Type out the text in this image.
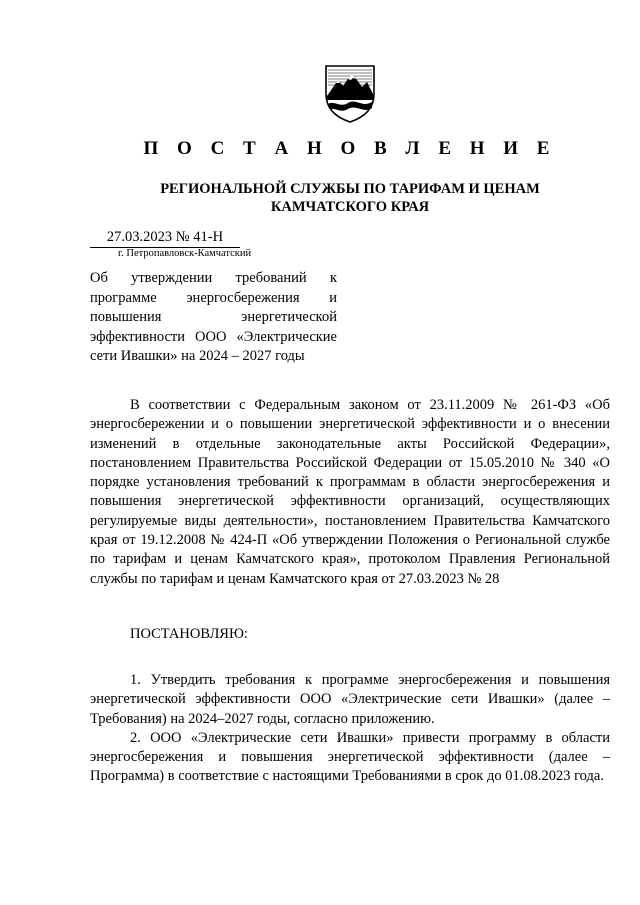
П О С Т А Н О В Л Е Н И Е
РЕГИОНАЛЬНОЙ СЛУЖБЫ ПО ТАРИФАМ И ЦЕНАМ
КАМЧАТСКОГО КРАЯ
27.03.2023 № 41-Н
г. Петропавловск-Камчатский
Об утверждении требований к программе энергосбережения и повышения энергетической эффективности ООО «Электрические сети Ивашки» на 2024 – 2027 годы

В соответствии с Федеральным законом от 23.11.2009 № 261-ФЗ «Об энергосбережении и о повышении энергетической эффективности и о внесении изменений в отдельные законодательные акты Российской Федерации», постановлением Правительства Российской Федерации от 15.05.2010 № 340 «О порядке установления требований к программам в области энергосбережения и повышения энергетической эффективности организаций, осуществляющих регулируемые виды деятельности», постановлением Правительства Камчатского края от 19.12.2008 № 424-П «Об утверждении Положения о Региональной службе по тарифам и ценам Камчатского края», протоколом Правления Региональной службы по тарифам и ценам Камчатского края от 27.03.2023 № 28

ПОСТАНОВЛЯЮ:

1. Утвердить требования к программе энергосбережения и повышения энергетической эффективности ООО «Электрические сети Ивашки» (далее – Требования) на 2024–2027 годы, согласно приложению.

2. ООО «Электрические сети Ивашки» привести программу в области энергосбережения и повышения энергетической эффективности (далее – Программа) в соответствие с настоящими Требованиями в срок до 01.08.2023 года.
